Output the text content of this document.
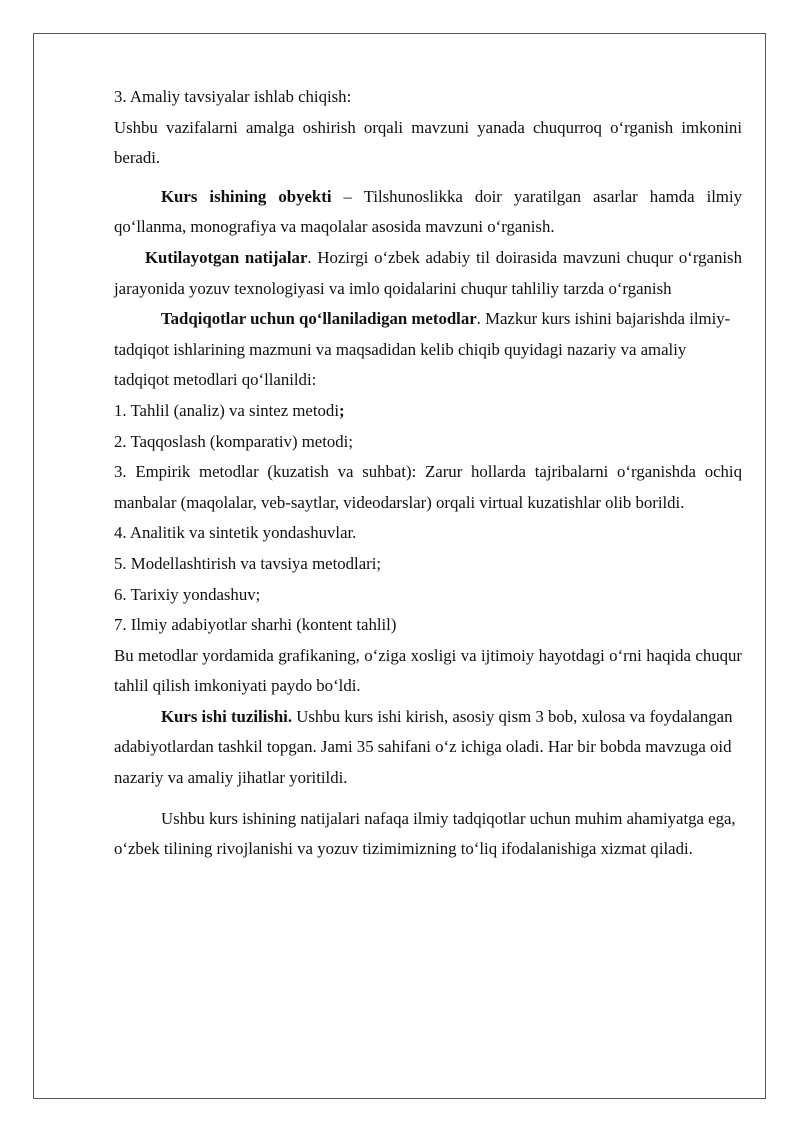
3. Amaliy tavsiyalar ishlab chiqish:

Ushbu vazifalarni amalga oshirish orqali mavzuni yanada chuqurroq o‘rganish imkonini beradi.

Kurs ishining obyekti – Tilshunoslikka doir yaratilgan asarlar hamda ilmiy qo‘llanma, monografiya va maqolalar asosida mavzuni o‘rganish.

Kutilayotgan natijalar. Hozirgi o‘zbek adabiy til doirasida mavzuni chuqur o‘rganish jarayonida yozuv texnologiyasi va imlo qoidalarini chuqur tahliliy tarzda o‘rganish

Tadqiqotlar uchun qo‘llaniladigan metodlar. Mazkur kurs ishini bajarishda ilmiy-tadqiqot ishlarining mazmuni va maqsadidan kelib chiqib quyidagi nazariy va amaliy tadqiqot metodlari qo‘llanildi:

1. Tahlil (analiz) va sintez metodi;

2. Taqqoslash (komparativ) metodi;

3. Empirik metodlar (kuzatish va suhbat): Zarur hollarda tajribalarni o‘rganishda ochiq manbalar (maqolalar, veb-saytlar, videodarslar) orqali virtual kuzatishlar olib borildi.

4. Analitik va sintetik yondashuvlar.

5. Modellashtirish va tavsiya metodlari;

6. Tarixiy yondashuv;

7. Ilmiy adabiyotlar sharhi (kontent tahlil)

Bu metodlar yordamida grafikaning, o‘ziga xosligi va ijtimoiy hayotdagi o‘rni haqida chuqur tahlil qilish imkoniyati paydo bo‘ldi.

Kurs ishi tuzilishi. Ushbu kurs ishi kirish, asosiy qism 3 bob, xulosa va foydalangan adabiyotlardan tashkil topgan. Jami 35 sahifani o‘z ichiga oladi. Har bir bobda mavzuga oid nazariy va amaliy jihatlar yoritildi.

Ushbu kurs ishining natijalari nafaqa ilmiy tadqiqotlar uchun muhim ahamiyatga ega, o‘zbek tilining rivojlanishi va yozuv tizimimizning to‘liq ifodalanishiga xizmat qiladi.
